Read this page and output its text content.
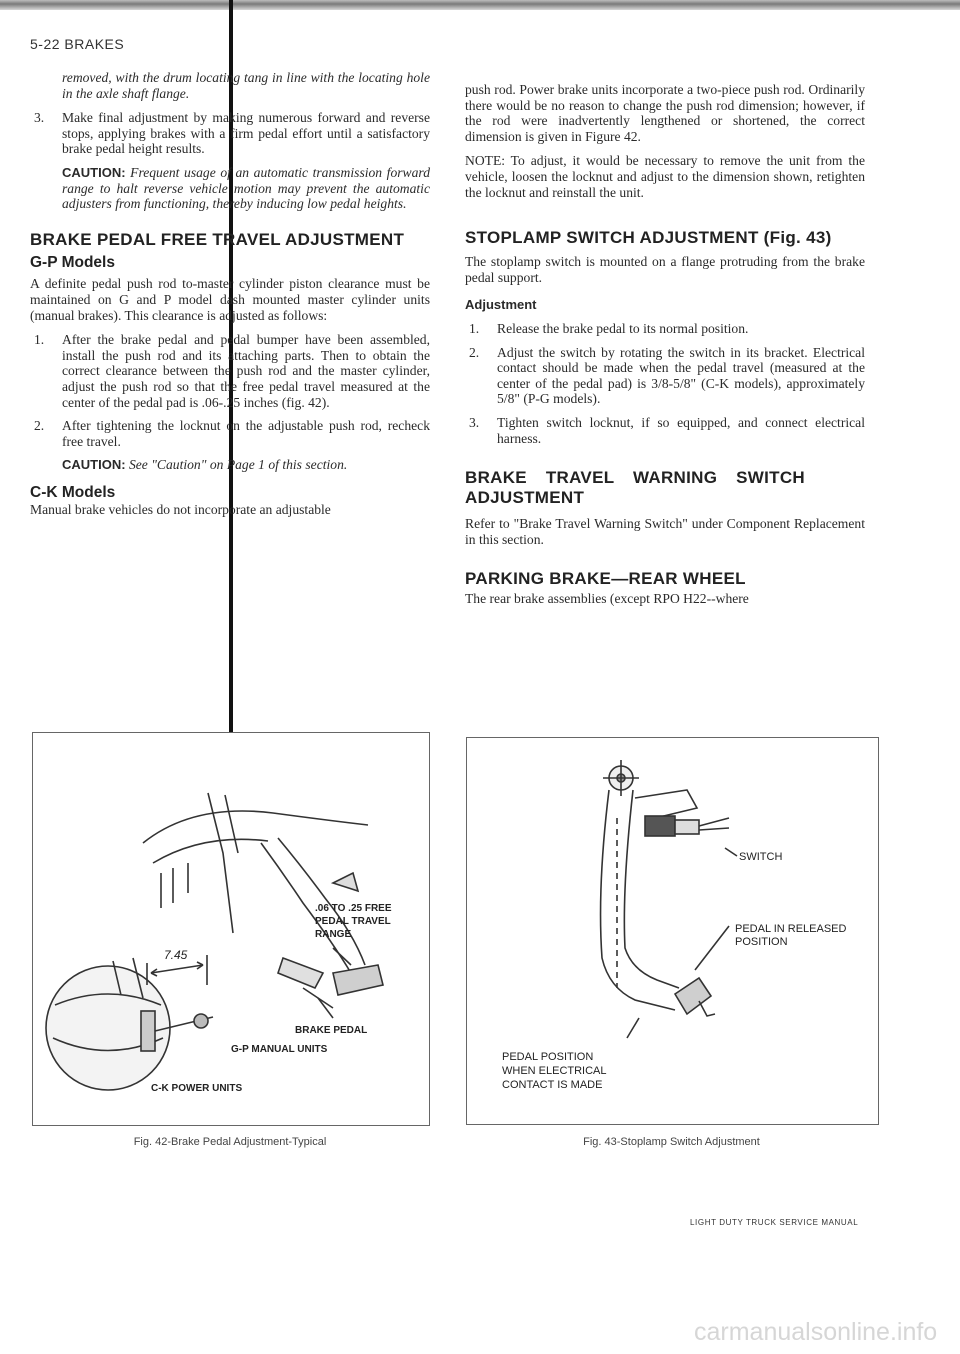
5-22 BRAKES

removed, with the drum locating tang in line with the locating hole in the axle shaft flange.

3.	Make final adjustment by making numerous forward and reverse stops, applying brakes with a firm pedal effort until a satisfactory brake pedal height results.

CAUTION: Frequent usage of an automatic transmission forward range to halt reverse vehicle motion may prevent the automatic adjusters from functioning, thereby inducing low pedal heights.

BRAKE PEDAL FREE TRAVEL ADJUSTMENT
G-P Models

A definite pedal push rod to-master cylinder piston clearance must be maintained on G and P model dash mounted master cylinder units (manual brakes). This clearance is adjusted as follows:

1.	After the brake pedal and pedal bumper have been assembled, install the push rod and its attaching parts. Then to obtain the correct clearance between the push rod and the master cylinder, adjust the push rod so that the free pedal travel measured at the center of the pedal pad is .06-.25 inches (fig. 42).
2.	After tightening the locknut on the adjustable push rod, recheck free travel.

CAUTION: See "Caution" on Page 1 of this section.

C-K Models

Manual brake vehicles do not incorporate an adjustable

push rod. Power brake units incorporate a two-piece push rod. Ordinarily there would be no reason to change the push rod dimension; however, if the rod were inadvertently lengthened or shortened, the correct dimension is given in Figure 42.

NOTE: To adjust, it would be necessary to remove the unit from the vehicle, loosen the locknut and adjust to the dimension shown, retighten the locknut and reinstall the unit.

STOPLAMP SWITCH ADJUSTMENT (Fig. 43)

The stoplamp switch is mounted on a flange protruding from the brake pedal support.

Adjustment
1.	Release the brake pedal to its normal position.
2.	Adjust the switch by rotating the switch in its bracket. Electrical contact should be made when the pedal travel (measured at the center of the pedal pad) is 3/8-5/8" (C-K models), approximately 5/8" (P-G models).
3.	Tighten switch locknut, if so equipped, and connect electrical harness.
BRAKE TRAVEL WARNING SWITCH ADJUSTMENT

Refer to "Brake Travel Warning Switch" under Component Replacement in this section.

PARKING BRAKE—REAR WHEEL

The rear brake assemblies (except RPO H22--where

.06 TO .25 FREE
PEDAL TRAVEL
RANGE
7.45
BRAKE PEDAL
G-P MANUAL UNITS
C-K POWER UNITS
Fig. 42-Brake Pedal Adjustment-Typical
SWITCH
PEDAL IN RELEASED
POSITION
PEDAL POSITION
WHEN ELECTRICAL
CONTACT IS MADE
Fig. 43-Stoplamp Switch Adjustment
LIGHT DUTY TRUCK SERVICE MANUAL
carmanualsonline.info
